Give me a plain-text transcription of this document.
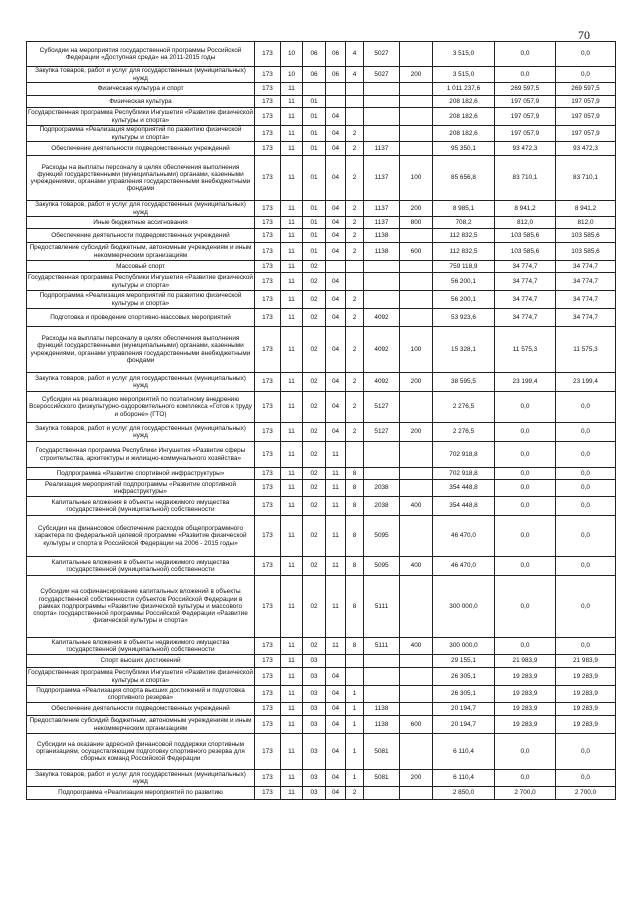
70
Субсидии на мероприятия государственной программы Российской Федерации «Доступная среда» на 2011-2015 годы	173	10	06	06	4	5027		3 515,0	0,0	0,0
Закупка товаров, работ и услуг для государственных (муниципальных) нужд	173	10	06	06	4	5027	200	3 515,0	0,0	0,0
Физическая культура и спорт	173	11						1 011 237,6	269 597,5	269 597,5
Физическая культура	173	11	01					208 182,6	197 057,9	197 057,9
Государственная программа Республики Ингушетия «Развитие физической культуры и спорта»	173	11	01	04				208 182,6	197 057,9	197 057,9
Подпрограмма «Реализация мероприятий по развитию физической культуры и спорта»	173	11	01	04	2			208 182,6	197 057,9	197 057,9
Обеспечение деятельности подведомственных учреждений	173	11	01	04	2	1137		95 350,1	93 472,3	93 472,3
Расходы на выплаты персоналу в целях обеспечения выполнения функций государственными (муниципальными) органами, казенными учреждениями, органами управления государственными внебюджетными фондами	173	11	01	04	2	1137	100	85 656,8	83 710,1	83 710,1
Закупка товаров, работ и услуг для государственных (муниципальных) нужд	173	11	01	04	2	1137	200	8 985,1	8 941,2	8 941,2
Иные бюджетные ассигнования	173	11	01	04	2	1137	800	708,2	812,0	812,0
Обеспечение деятельности подведомственных учреждений	173	11	01	04	2	1138		112 832,5	103 585,6	103 585,6
Предоставление субсидий бюджетным, автономным учреждениям и иным некоммерческим организациям	173	11	01	04	2	1138	600	112 832,5	103 585,6	103 585,6
Массовый спорт	173	11	02					759 118,9	34 774,7	34 774,7
Государственная программа Республики Ингушетия «Развитие физической культуры и спорта»	173	11	02	04				56 200,1	34 774,7	34 774,7
Подпрограмма «Реализация мероприятий по развитию физической культуры и спорта»	173	11	02	04	2			56 200,1	34 774,7	34 774,7
Подготовка и проведение спортивно-массовых мероприятий	173	11	02	04	2	4092		53 923,6	34 774,7	34 774,7
Расходы на выплаты персоналу в целях обеспечения выполнения функций государственными (муниципальными) органами, казенными учреждениями, органами управления государственными внебюджетными фондами	173	11	02	04	2	4092	100	15 328,1	11 575,3	11 575,3
Закупка товаров, работ и услуг для государственных (муниципальных) нужд	173	11	02	04	2	4092	200	38 595,5	23 199,4	23 199,4
Субсидии на реализацию мероприятий по поэтапному внедрению Всероссийского физкультурно-оздоровительного комплекса «Готов к труду и обороне» (ГТО)	173	11	02	04	2	5127		2 276,5	0,0	0,0
Закупка товаров, работ и услуг для государственных (муниципальных) нужд	173	11	02	04	2	5127	200	2 276,5	0,0	0,0
Государственная программа Республики Ингушетия «Развитие сферы строительства, архитектуры и жилищно-коммунального хозяйства»	173	11	02	11				702 918,8	0,0	0,0
Подпрограмма «Развитие спортивной инфраструктуры»	173	11	02	11	8			702 918,8	0,0	0,0
Реализация мероприятий подпрограммы «Развитие спортивной инфраструктуры»	173	11	02	11	8	2038		354 448,8	0,0	0,0
Капитальные вложения в объекты недвижимого имущества государственной (муниципальной) собственности	173	11	02	11	8	2038	400	354 448,8	0,0	0,0
Субсидии на финансовое обеспечение расходов общепрограммного характера по федеральной целевой программе «Развитие физической культуры и спорта в Российской Федерации на 2006 - 2015 годы»	173	11	02	11	8	5095		46 470,0	0,0	0,0
Капитальные вложения в объекты недвижимого имущества государственной (муниципальной) собственности	173	11	02	11	8	5095	400	46 470,0	0,0	0,0
Субсидии на софинансирование капитальных вложений в объекты государственной собственности субъектов Российской Федерации в рамках подпрограммы «Развитие физической культуры и массового спорта» государственной программы Российской Федерации «Развитие физической культуры и спорта»	173	11	02	11	8	5111		300 000,0	0,0	0,0
Капитальные вложения в объекты недвижимого имущества государственной (муниципальной) собственности	173	11	02	11	8	5111	400	300 000,0	0,0	0,0
Спорт высших достижений	173	11	03					29 155,1	21 983,9	21 983,9
Государственная программа Республики Ингушетия «Развитие физической культуры и спорта»	173	11	03	04				26 305,1	19 283,9	19 283,9
Подпрограмма «Реализация спорта высших достижений и подготовка спортивного резерва»	173	11	03	04	1			26 305,1	19 283,9	19 283,9
Обеспечение деятельности подведомственных учреждений	173	11	03	04	1	1138		20 194,7	19 283,9	19 283,9
Предоставление субсидий бюджетным, автономным учреждениям и иным некоммерческим организациям	173	11	03	04	1	1138	600	20 194,7	19 283,9	19 283,9
Субсидии на оказание адресной финансовой поддержки спортивным организациям, осуществляющим подготовку спортивного резерва для сборных команд Российской Федерации	173	11	03	04	1	5081		6 110,4	0,0	0,0
Закупка товаров, работ и услуг для государственных (муниципальных) нужд	173	11	03	04	1	5081	200	6 110,4	0,0	0,0
Подпрограмма «Реализация мероприятий по развитию	173	11	03	04	2			2 850,0	2 700,0	2 700,0
